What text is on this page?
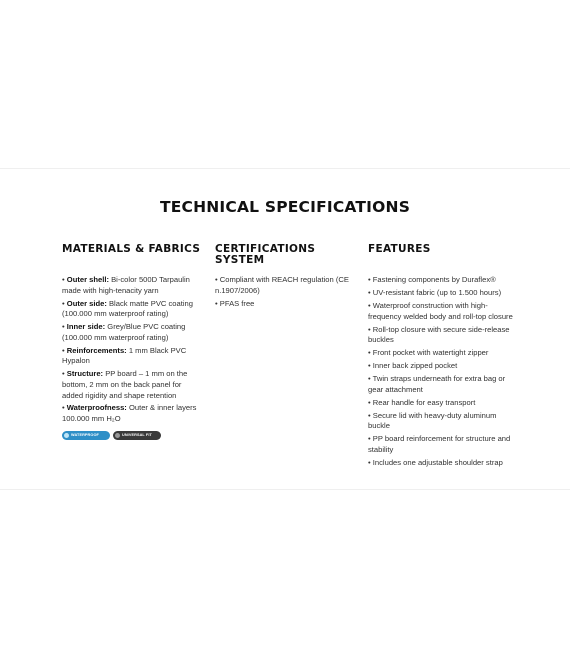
TECHNICAL SPECIFICATIONS
MATERIALS & FABRICS
• Outer shell: Bi-color 500D Tarpaulin made with high-tenacity yarn
• Outer side: Black matte PVC coating (100.000 mm waterproof rating)
• Inner side: Grey/Blue PVC coating (100.000 mm waterproof rating)
• Reinforcements: 1 mm Black PVC Hypalon
• Structure: PP board – 1 mm on the bottom, 2 mm on the back panel for added rigidity and shape retention
• Waterproofness: Outer & inner layers 100.000 mm H₂O
WATERPROOF	UNIVERSAL FIT
CERTIFICATIONS SYSTEM
• Compliant with REACH regulation (CE n.1907/2006)
• PFAS free
FEATURES
• Fastening components by Duraflex®
• UV-resistant fabric (up to 1.500 hours)
• Waterproof construction with high-frequency welded body and roll-top closure
• Roll-top closure with secure side-release buckles
• Front pocket with watertight zipper
• Inner back zipped pocket
• Twin straps underneath for extra bag or gear attachment
• Rear handle for easy transport
• Secure lid with heavy-duty aluminum buckle
• PP board reinforcement for structure and stability
• Includes one adjustable shoulder strap
